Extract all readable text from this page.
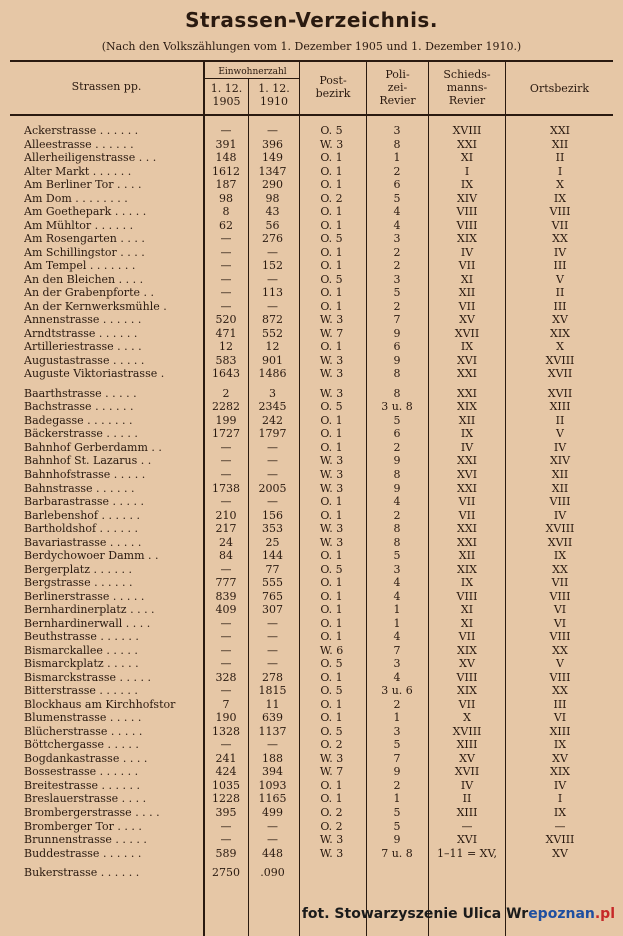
Strassen-Verzeichnis.
(Nach den Volkszählungen vom 1. Dezember 1905 und 1. Dezember 1910.)
Strassen pp.
Einwohnerzahl
1. 12.
1905
1. 12.
1910
Post-
bezirk
Poli-
zei-
Revier
Schieds-
manns-
Revier
Ortsbezirk
Ackerstrasse . . . . . .	—	—	O. 5	3	XVIII	XXI
Alleestrasse . . . . . .	391	396	W. 3	8	XXI	XII
Allerheiligenstrasse . . .	148	149	O. 1	1	XI	II
Alter Markt . . . . . .	1612	1347	O. 1	2	I	I
Am Berliner Tor . . . .	187	290	O. 1	6	IX	X
Am Dom . . . . . . . .	98	98	O. 2	5	XIV	IX
Am Goethepark . . . . .	8	43	O. 1	4	VIII	VIII
Am Mühltor . . . . . .	62	56	O. 1	4	VIII	VII
Am Rosengarten . . . .	—	276	O. 5	3	XIX	XX
Am Schillingstor . . . .	—	—	O. 1	2	IV	IV
Am Tempel . . . . . . .	—	152	O. 1	2	VII	III
An den Bleichen . . . .	—	—	O. 5	3	XI	V
An der Grabenpforte . .	—	113	O. 1	5	XII	II
An der Kernwerksmühle .	—	—	O. 1	2	VII	III
Annenstrasse . . . . . .	520	872	W. 3	7	XV	XV
Arndtstrasse . . . . . .	471	552	W. 7	9	XVII	XIX
Artilleriestrasse . . . .	12	12	O. 1	6	IX	X
Augustastrasse . . . . .	583	901	W. 3	9	XVI	XVIII
Auguste Viktoriastrasse .	1643	1486	W. 3	8	XXI	XVII
Baarthstrasse . . . . .	2	3	W. 3	8	XXI	XVII
Bachstrasse . . . . . .	2282	2345	O. 5	3 u. 8	XIX	XIII
Badegasse . . . . . . .	199	242	O. 1	5	XII	II
Bäckerstrasse . . . . .	1727	1797	O. 1	6	IX	V
Bahnhof Gerberdamm . .	—	—	O. 1	2	IV	IV
Bahnhof St. Lazarus . .	—	—	W. 3	9	XXI	XIV
Bahnhofstrasse . . . . .	—	—	W. 3	8	XVI	XII
Bahnstrasse . . . . . .	1738	2005	W. 3	9	XXI	XII
Barbarastrasse . . . . .	—	—	O. 1	4	VII	VIII
Barlebenshof . . . . . .	210	156	O. 1	2	VII	IV
Bartholdshof . . . . . .	217	353	W. 3	8	XXI	XVIII
Bavariastrasse . . . . .	24	25	W. 3	8	XXI	XVII
Berdychowoer Damm . .	84	144	O. 1	5	XII	IX
Bergerplatz . . . . . .	—	77	O. 5	3	XIX	XX
Bergstrasse . . . . . .	777	555	O. 1	4	IX	VII
Berlinerstrasse . . . . .	839	765	O. 1	4	VIII	VIII
Bernhardinerplatz . . . .	409	307	O. 1	1	XI	VI
Bernhardinerwall . . . .	—	—	O. 1	1	XI	VI
Beuthstrasse . . . . . .	—	—	O. 1	4	VII	VIII
Bismarckallee . . . . .	—	—	W. 6	7	XIX	XX
Bismarckplatz . . . . .	—	—	O. 5	3	XV	V
Bismarckstrasse . . . . .	328	278	O. 1	4	VIII	VIII
Bitterstrasse . . . . . .	—	1815	O. 5	3 u. 6	XIX	XX
Blockhaus am Kirchhofstor	7	11	O. 1	2	VII	III
Blumenstrasse . . . . .	190	639	O. 1	1	X	VI
Blücherstrasse . . . . .	1328	1137	O. 5	3	XVIII	XIII
Böttchergasse . . . . .	—	—	O. 2	5	XIII	IX
Bogdankastrasse . . . .	241	188	W. 3	7	XV	XV
Bossestrasse . . . . . .	424	394	W. 7	9	XVII	XIX
Breitestrasse . . . . . .	1035	1093	O. 1	2	IV	IV
Breslauerstrasse . . . .	1228	1165	O. 1	1	II	I
Brombergerstrasse . . . .	395	499	O. 2	5	XIII	IX
Bromberger Tor . . . .	—	—	O. 2	5	—	—
Brunnenstrasse . . . . .	—	—	W. 3	9	XVI	XVIII
Buddestrasse . . . . . .	589	448	W. 3	7 u. 8	1–11 = XV,	XV
Bukerstrasse . . . . . .	2750	.090
fot. Stowarzyszenie Ulica Wrepoznan.pl
